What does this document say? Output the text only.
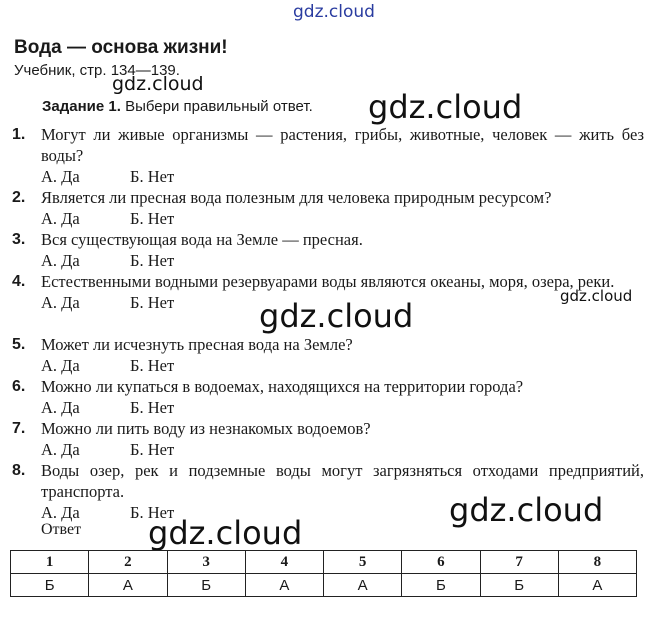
gdz.cloud
gdz.cloud
gdz.cloud
gdz.cloud
gdz.cloud
gdz.cloud
gdz.cloud
Вода — основа жизни!
Учебник, стр. 134—139.
Задание 1. Выбери правильный ответ.
1. Могут ли живые организмы — растения, грибы, животные, человек — жить без воды?
А. Да	Б. Нет
2. Является ли пресная вода полезным для человека природным ресурсом?
А. Да	Б. Нет
3. Вся существующая вода на Земле — пресная.
А. Да	Б. Нет
4. Естественными водными резервуарами воды являются океаны, моря, озера, реки.
А. Да	Б. Нет
5. Может ли исчезнуть пресная вода на Земле?
А. Да	Б. Нет
6. Можно ли купаться в водоемах, находящихся на территории города?
А. Да	Б. Нет
7. Можно ли пить воду из незнакомых водоемов?
А. Да	Б. Нет
8. Воды озер, рек и подземные воды могут загрязняться отходами предприятий, транспорта.
А. Да	Б. Нет
Ответ
1	2	3	4	5	6	7	8
Б	А	Б	А	А	Б	Б	А
